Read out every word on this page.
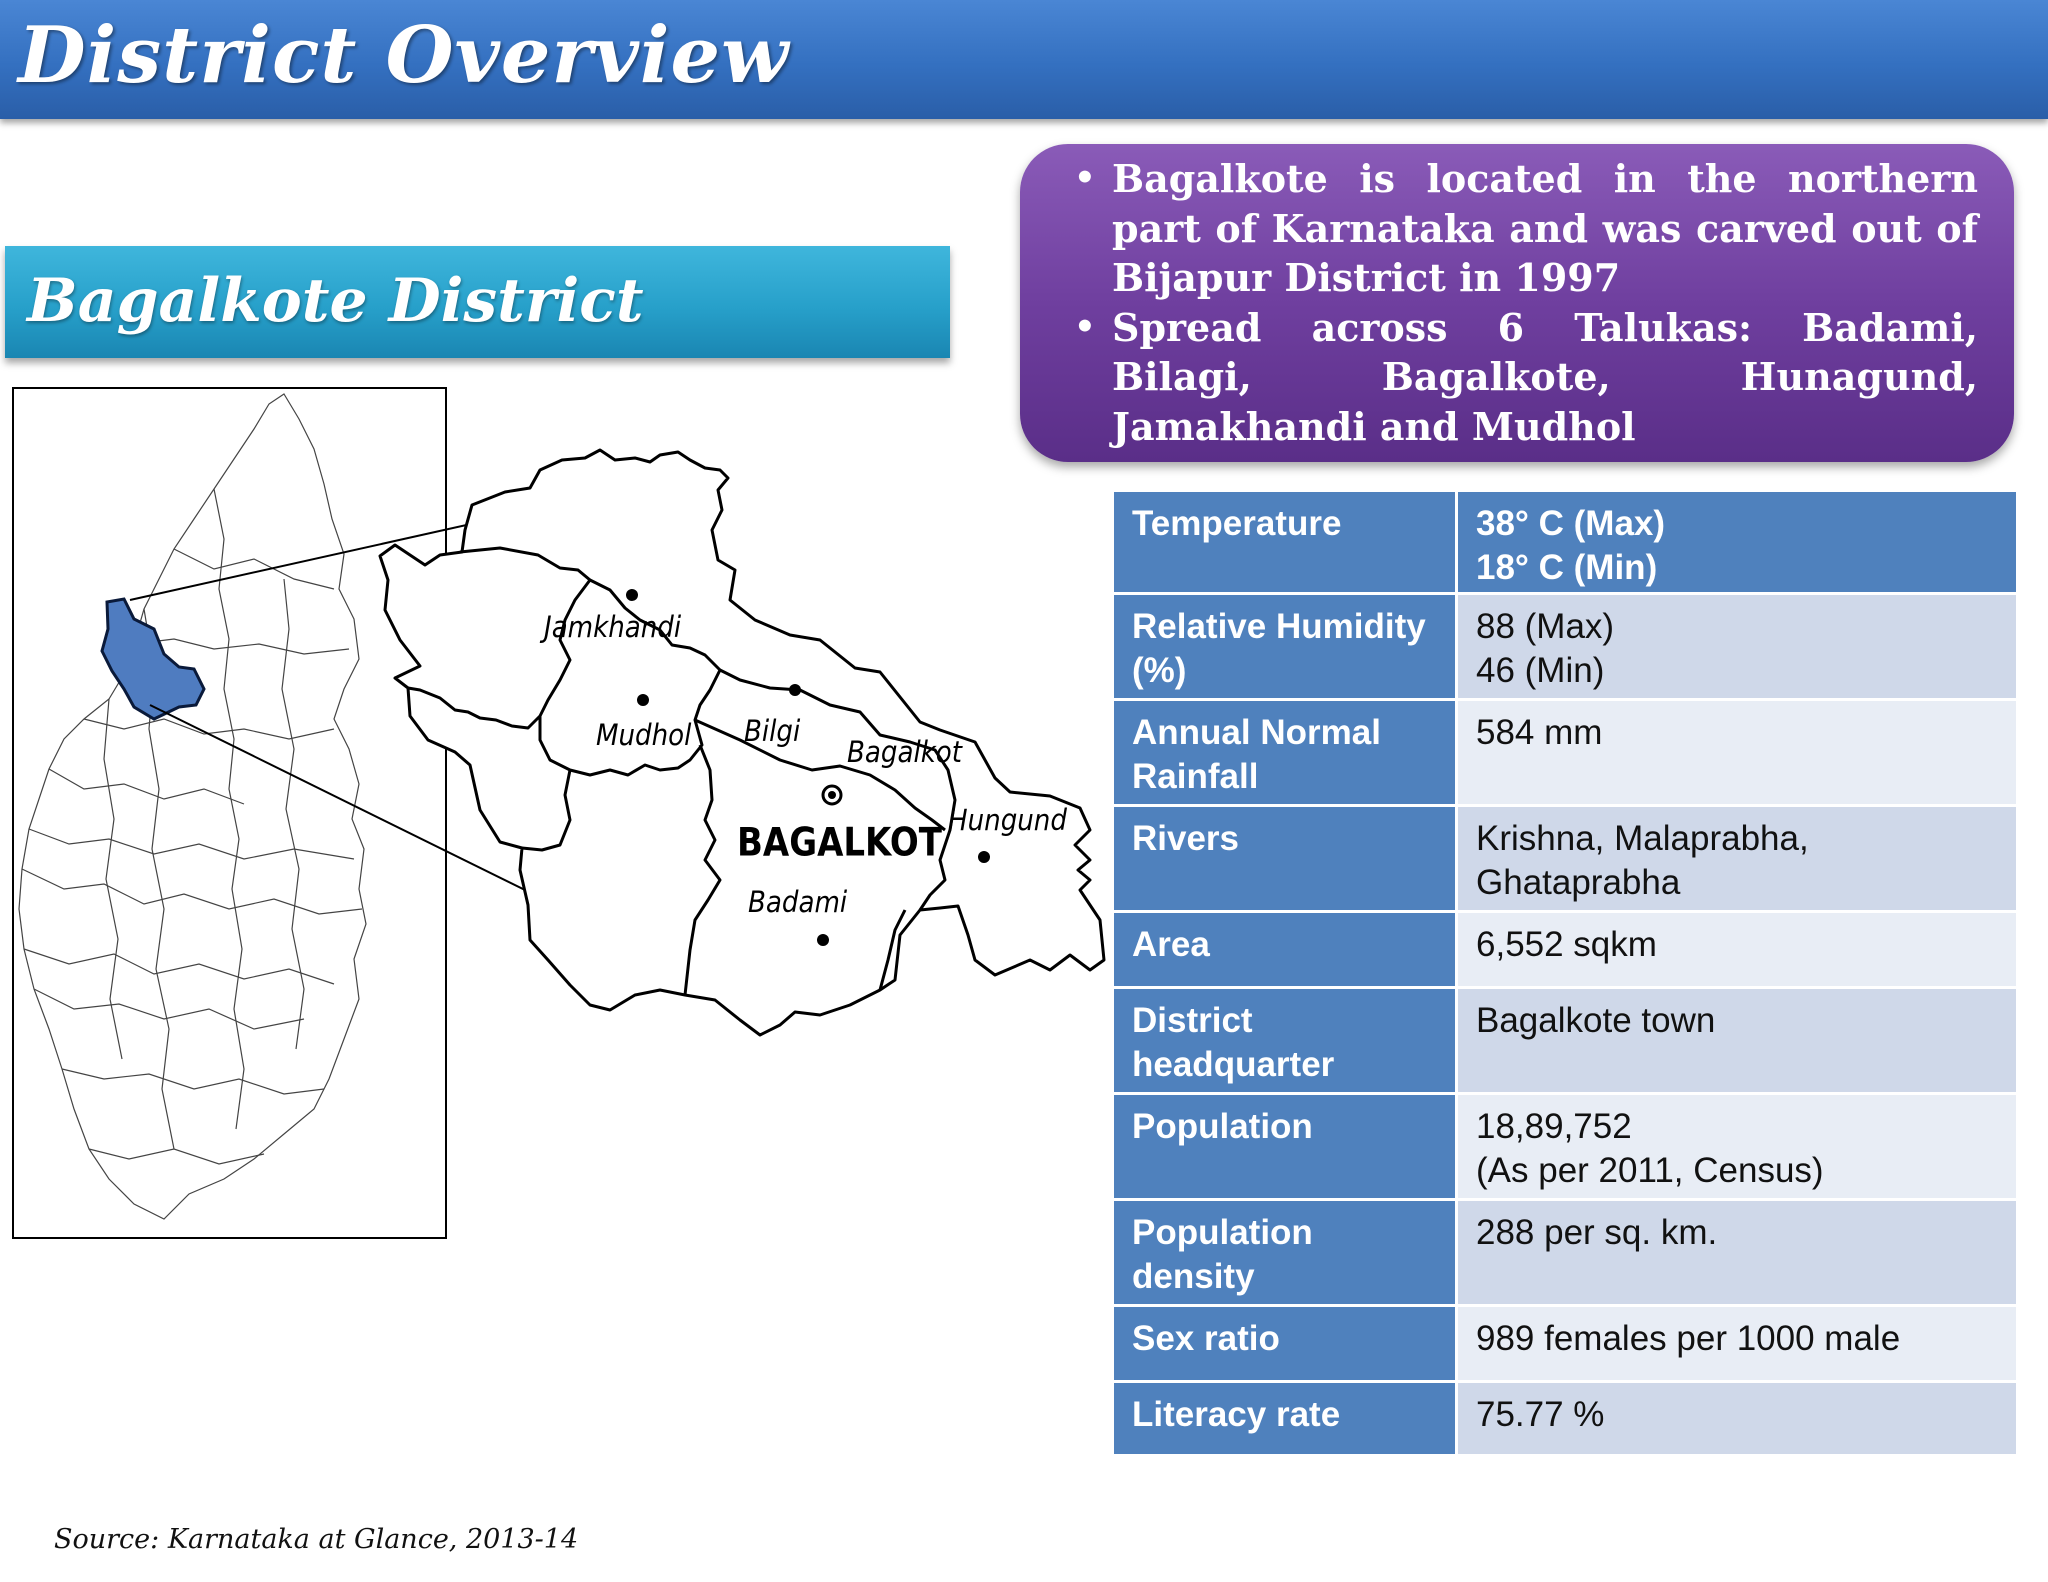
District Overview
Bagalkote District
• Bagalkote is located in the northern part of Karnataka and was carved out of Bijapur District in 1997
• Spread across 6 Talukas: Badami, Bilagi, Bagalkote, Hunagund, Jamakhandi and Mudhol
Jamkhandi
Mudhol Bilgi
Bagalkot
Hungund
Badami
BAGALKOT
Temperature	38° C (Max)
18° C (Min)

Relative Humidity (%)	88 (Max)
46 (Min)

Annual Normal Rainfall	584 mm

Rivers	Krishna, Malaprabha,
Ghataprabha

Area	6,552 sqkm

District headquarter	Bagalkote town

Population	18,89,752
(As per 2011, Census)

Population density	288 per sq. km.

Sex ratio	989 females per 1000 male

Literacy rate	75.77 %
Source: Karnataka at Glance, 2013-14
